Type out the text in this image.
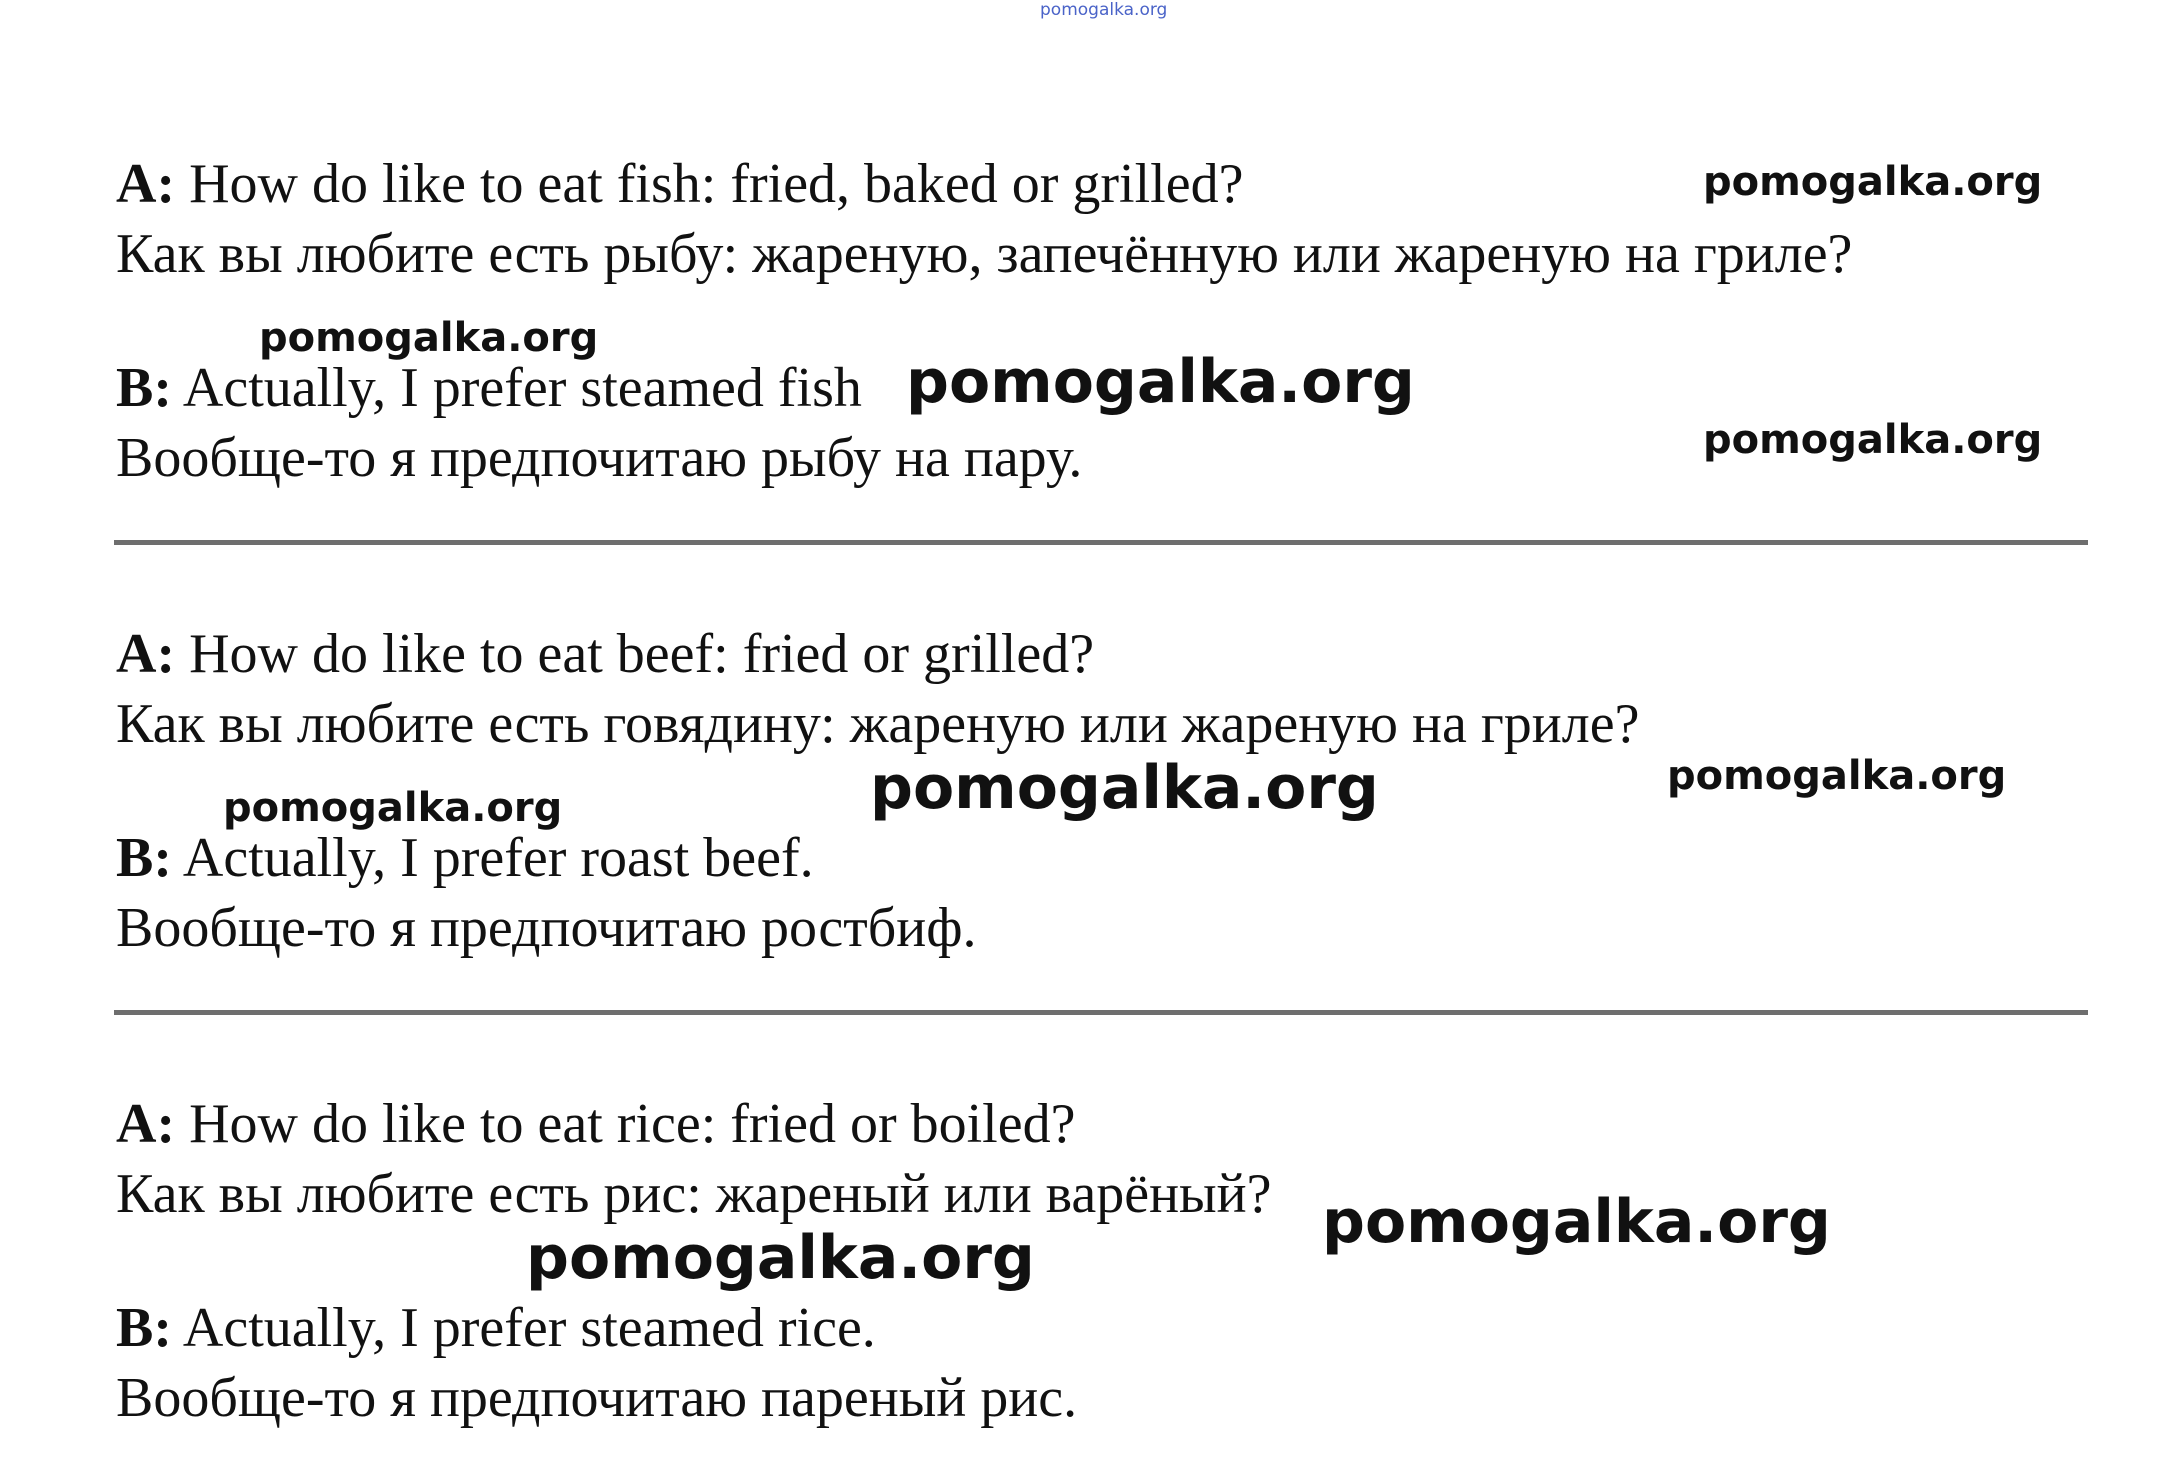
pomogalka.org
A: How do like to eat fish: fried, baked or grilled?
Как вы любите есть рыбу: жареную, запечённую или жареную на гриле?
B: Actually, I prefer steamed fish
Вообще-то я предпочитаю рыбу на пару.
A: How do like to eat beef: fried or grilled?
Как вы любите есть говядину: жареную или жареную на гриле?
B: Actually, I prefer roast beef.
Вообще-то я предпочитаю ростбиф.
A: How do like to eat rice: fried or boiled?
Как вы любите есть рис: жареный или варёный?
B: Actually, I prefer steamed rice.
Вообще-то я предпочитаю пареный рис.
pomogalka.org
pomogalka.org
pomogalka.org
pomogalka.org
pomogalka.org	pomogalka.org
pomogalka.org
pomogalka.org
pomogalka.org
